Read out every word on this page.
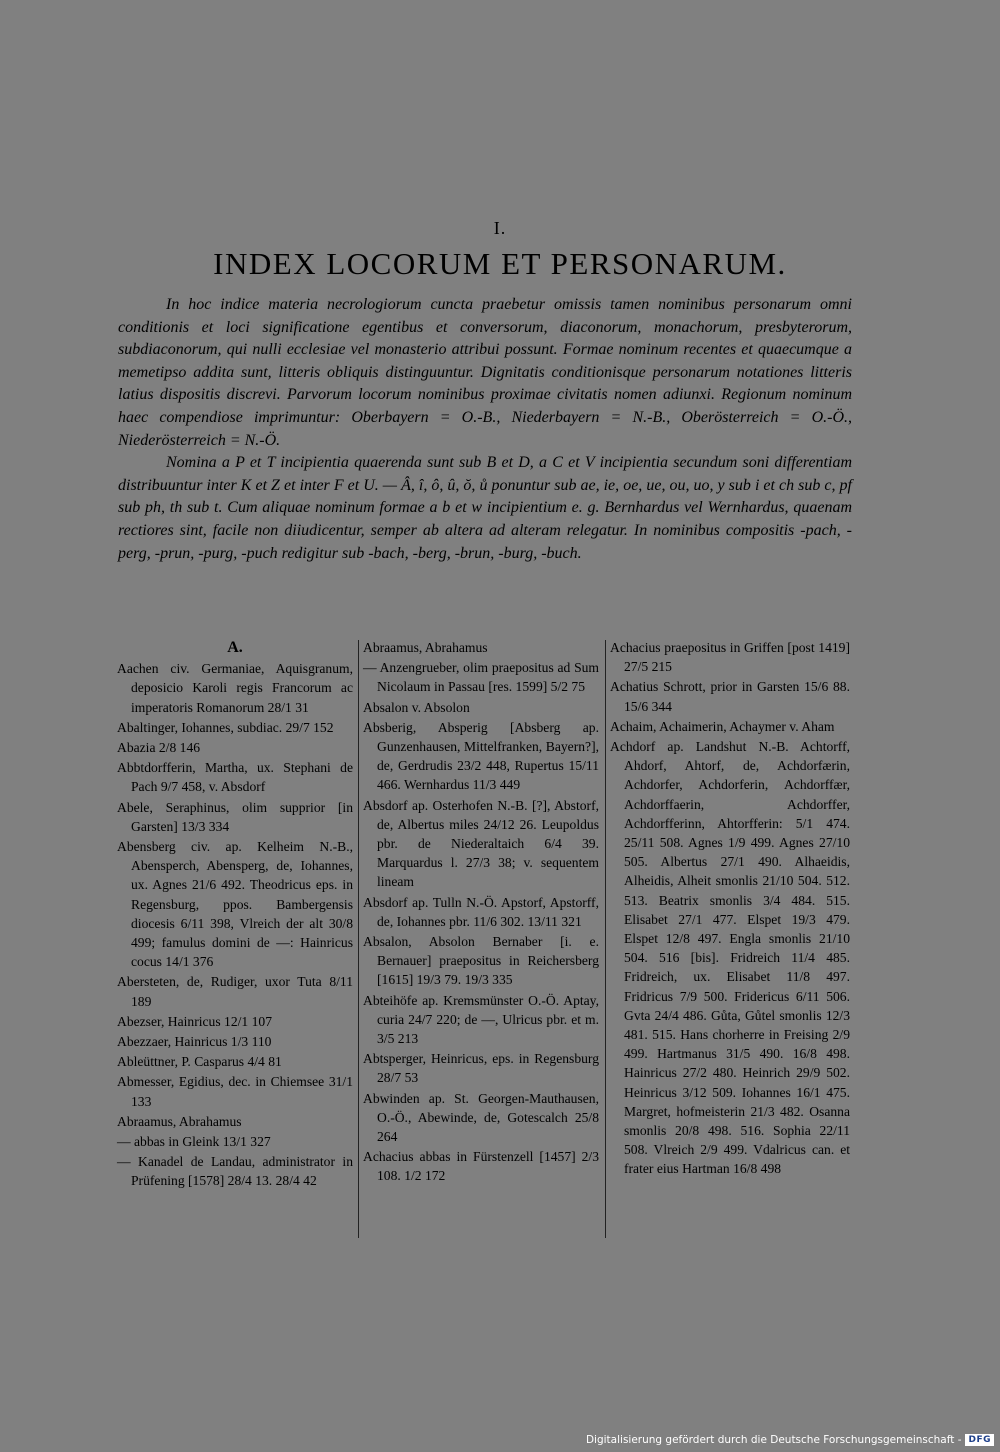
I.
INDEX LOCORUM ET PERSONARUM.

In hoc indice materia necrologiorum cuncta praebetur omissis tamen nominibus personarum omni conditionis et loci significatione egentibus et conversorum, diaconorum, monachorum, presbyterorum, subdiaconorum, qui nulli ecclesiae vel monasterio attribui possunt. Formae nominum recentes et quaecumque a memetipso addita sunt, litteris obliquis distinguuntur. Dignitatis conditionisque personarum notationes litteris latius dispositis discrevi. Parvorum locorum nominibus proximae civitatis nomen adiunxi. Regionum nominum haec compendiose imprimuntur: Oberbayern = O.-B., Niederbayern = N.-B., Oberösterreich = O.-Ö., Niederösterreich = N.-Ö.

Nomina a P et T incipientia quaerenda sunt sub B et D, a C et V incipientia secundum soni differentiam distribuuntur inter K et Z et inter F et U. — Â, î, ô, û, ŏ, ů ponuntur sub ae, ie, oe, ue, ou, uo, y sub i et ch sub c, pf sub ph, th sub t. Cum aliquae nominum formae a b et w incipientium e. g. Bernhardus vel Wernhardus, quaenam rectiores sint, facile non diiudicentur, semper ab altera ad alteram relegatur. In nominibus compositis -pach, -perg, -prun, -purg, -puch redigitur sub -bach, -berg, -brun, -burg, -buch.

A.
Aachen civ. Germaniae, Aquisgranum, deposicio Karoli regis Francorum ac imperatoris Romanorum 28/1 31
Abaltinger, Iohannes, subdiac. 29/7 152
Abazia 2/8 146
Abbtdorfferin, Martha, ux. Stephani de Pach 9/7 458, v. Absdorf
Abele, Seraphinus, olim supprior [in Garsten] 13/3 334
Abensberg civ. ap. Kelheim N.-B., Abensperch, Abensperg, de, Iohannes, ux. Agnes 21/6 492. Theodricus eps. in Regensburg, ppos. Bambergensis diocesis 6/11 398, Vlreich der alt 30/8 499; famulus domini de —: Hainricus cocus 14/1 376
Abersteten, de, Rudiger, uxor Tuta 8/11 189
Abezser, Hainricus 12/1 107
Abezzaer, Hainricus 1/3 110
Ableüttner, P. Casparus 4/4 81
Abmesser, Egidius, dec. in Chiemsee 31/1 133
Abraamus, Abrahamus
— abbas in Gleink 13/1 327
— Kanadel de Landau, administrator in Prüfening [1578] 28/4 13. 28/4 42
Abraamus, Abrahamus
— Anzengrueber, olim praepositus ad Sum Nicolaum in Passau [res. 1599] 5/2 75
Absalon v. Absolon
Absberig, Absperig [Absberg ap. Gunzenhausen, Mittelfranken, Bayern?], de, Gerdrudis 23/2 448, Rupertus 15/11 466. Wernhardus 11/3 449
Absdorf ap. Osterhofen N.-B. [?], Abstorf, de, Albertus miles 24/12 26. Leupoldus pbr. de Niederaltaich 6/4 39. Marquardus l. 27/3 38; v. sequentem lineam
Absdorf ap. Tulln N.-Ö. Apstorf, Apstorff, de, Iohannes pbr. 11/6 302. 13/11 321
Absalon, Absolon Bernaber [i. e. Bernauer] praepositus in Reichersberg [1615] 19/3 79. 19/3 335
Abteihöfe ap. Kremsmünster O.-Ö. Aptay, curia 24/7 220; de —, Ulricus pbr. et m. 3/5 213
Abtsperger, Heinricus, eps. in Regensburg 28/7 53
Abwinden ap. St. Georgen-Mauthausen, O.-Ö., Abewinde, de, Gotescalch 25/8 264
Achacius abbas in Fürstenzell [1457] 2/3 108. 1/2 172
Achacius praepositus in Griffen [post 1419] 27/5 215
Achatius Schrott, prior in Garsten 15/6 88. 15/6 344
Achaim, Achaimerin, Achaymer v. Aham
Achdorf ap. Landshut N.-B. Achtorff, Ahdorf, Ahtorf, de, Achdorfærin, Achdorfer, Achdorferin, Achdorffær, Achdorffaerin, Achdorffer, Achdorfferinn, Ahtorfferin: 5/1 474. 25/11 508. Agnes 1/9 499. Agnes 27/10 505. Albertus 27/1 490. Alhaeidis, Alheidis, Alheit smonlis 21/10 504. 512. 513. Beatrix smonlis 3/4 484. 515. Elisabet 27/1 477. Elspet 19/3 479. Elspet 12/8 497. Engla smonlis 21/10 504. 516 [bis]. Fridreich 11/4 485. Fridreich, ux. Elisabet 11/8 497. Fridricus 7/9 500. Fridericus 6/11 506. Gvta 24/4 486. Gůta, Gůtel smonlis 12/3 481. 515. Hans chorherre in Freising 2/9 499. Hartmanus 31/5 490. 16/8 498. Hainricus 27/2 480. Heinrich 29/9 502. Heinricus 3/12 509. Iohannes 16/1 475. Margret, hofmeisterin 21/3 482. Osanna smonlis 20/8 498. 516. Sophia 22/11 508. Vlreich 2/9 499. Vdalricus can. et frater eius Hartman 16/8 498
Digitalisierung gefördert durch die Deutsche Forschungsgemeinschaft - DFG
